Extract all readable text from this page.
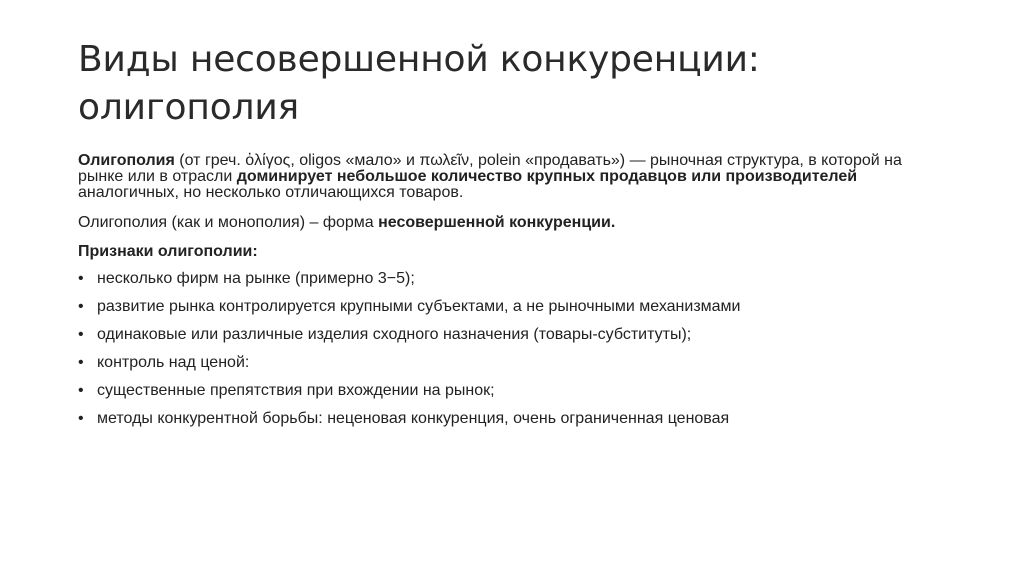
Виды несовершенной конкуренции:
олигополия

Олигополия (от греч. ὀλίγος, oligos «мало» и πωλεῖν, polein «продавать») — рыночная структура, в которой на рынке или в отрасли доминирует небольшое количество крупных продавцов или производителей аналогичных, но несколько отличающихся товаров.

Олигополия (как и монополия) – форма несовершенной конкуренции.

Признаки олигополии:

• несколько фирм на рынке (примерно 3−5);
• развитие рынка контролируется крупными субъектами, а не рыночными механизмами
• одинаковые или различные изделия сходного назначения (товары-субституты);
• контроль над ценой:
• существенные препятствия при вхождении на рынок;
• методы конкурентной борьбы: неценовая конкуренция, очень ограниченная ценовая
